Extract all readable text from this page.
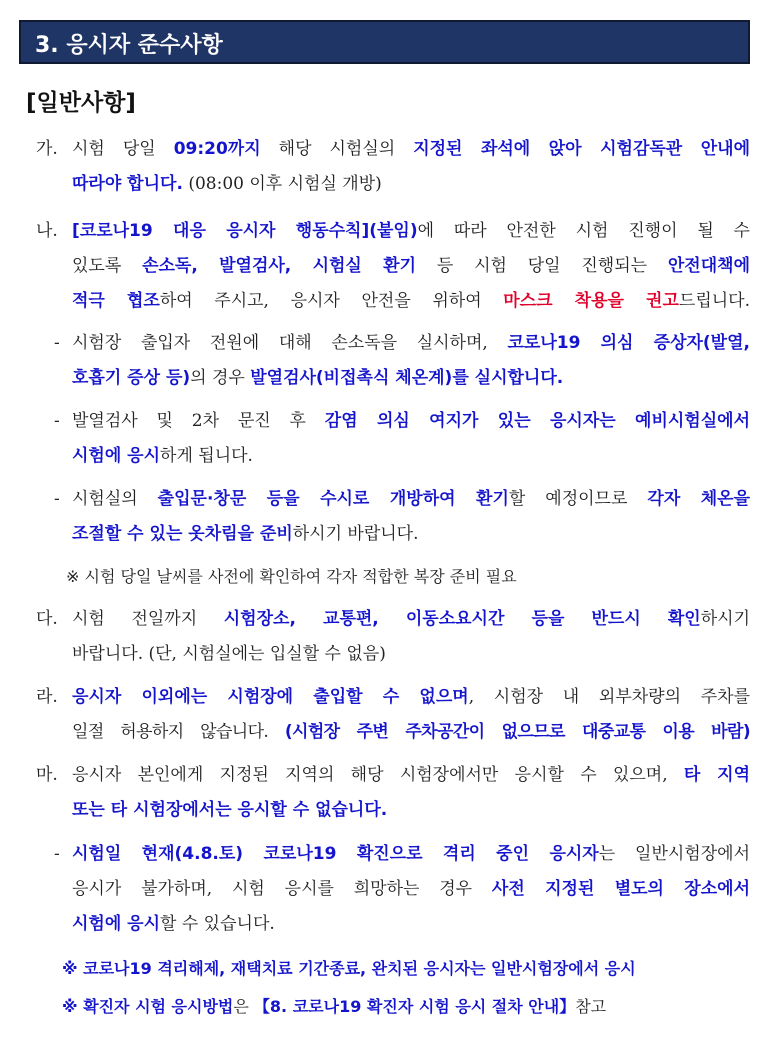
3. 응시자 준수사항
[일반사항]
가. 시험 당일 09:20까지 해당 시험실의 지정된 좌석에 앉아 시험감독관 안내에
따라야 합니다. (08:00 이후 시험실 개방)
나. [코로나19 대응 응시자 행동수칙](붙임)에 따라 안전한 시험 진행이 될 수
있도록 손소독, 발열검사, 시험실 환기 등 시험 당일 진행되는 안전대책에
적극 협조하여 주시고, 응시자 안전을 위하여 마스크 착용을 권고드립니다.
- 시험장 출입자 전원에 대해 손소독을 실시하며, 코로나19 의심 증상자(발열,
호흡기 증상 등)의 경우 발열검사(비접촉식 체온계)를 실시합니다.
- 발열검사 및 2차 문진 후 감염 의심 여지가 있는 응시자는 예비시험실에서
시험에 응시하게 됩니다.
- 시험실의 출입문·창문 등을 수시로 개방하여 환기할 예정이므로 각자 체온을
조절할 수 있는 옷차림을 준비하시기 바랍니다.
※ 시험 당일 날씨를 사전에 확인하여 각자 적합한 복장 준비 필요
다. 시험 전일까지 시험장소, 교통편, 이동소요시간 등을 반드시 확인하시기
바랍니다. (단, 시험실에는 입실할 수 없음)
라. 응시자 이외에는 시험장에 출입할 수 없으며, 시험장 내 외부차량의 주차를
일절 허용하지 않습니다. (시험장 주변 주차공간이 없으므로 대중교통 이용 바람)
마. 응시자 본인에게 지정된 지역의 해당 시험장에서만 응시할 수 있으며, 타 지역
또는 타 시험장에서는 응시할 수 없습니다.
- 시험일 현재(4.8.토) 코로나19 확진으로 격리 중인 응시자는 일반시험장에서
응시가 불가하며, 시험 응시를 희망하는 경우 사전 지정된 별도의 장소에서
시험에 응시할 수 있습니다.
※ 코로나19 격리해제, 재택치료 기간종료, 완치된 응시자는 일반시험장에서 응시
※ 확진자 시험 응시방법은 【8. 코로나19 확진자 시험 응시 절차 안내】참고
